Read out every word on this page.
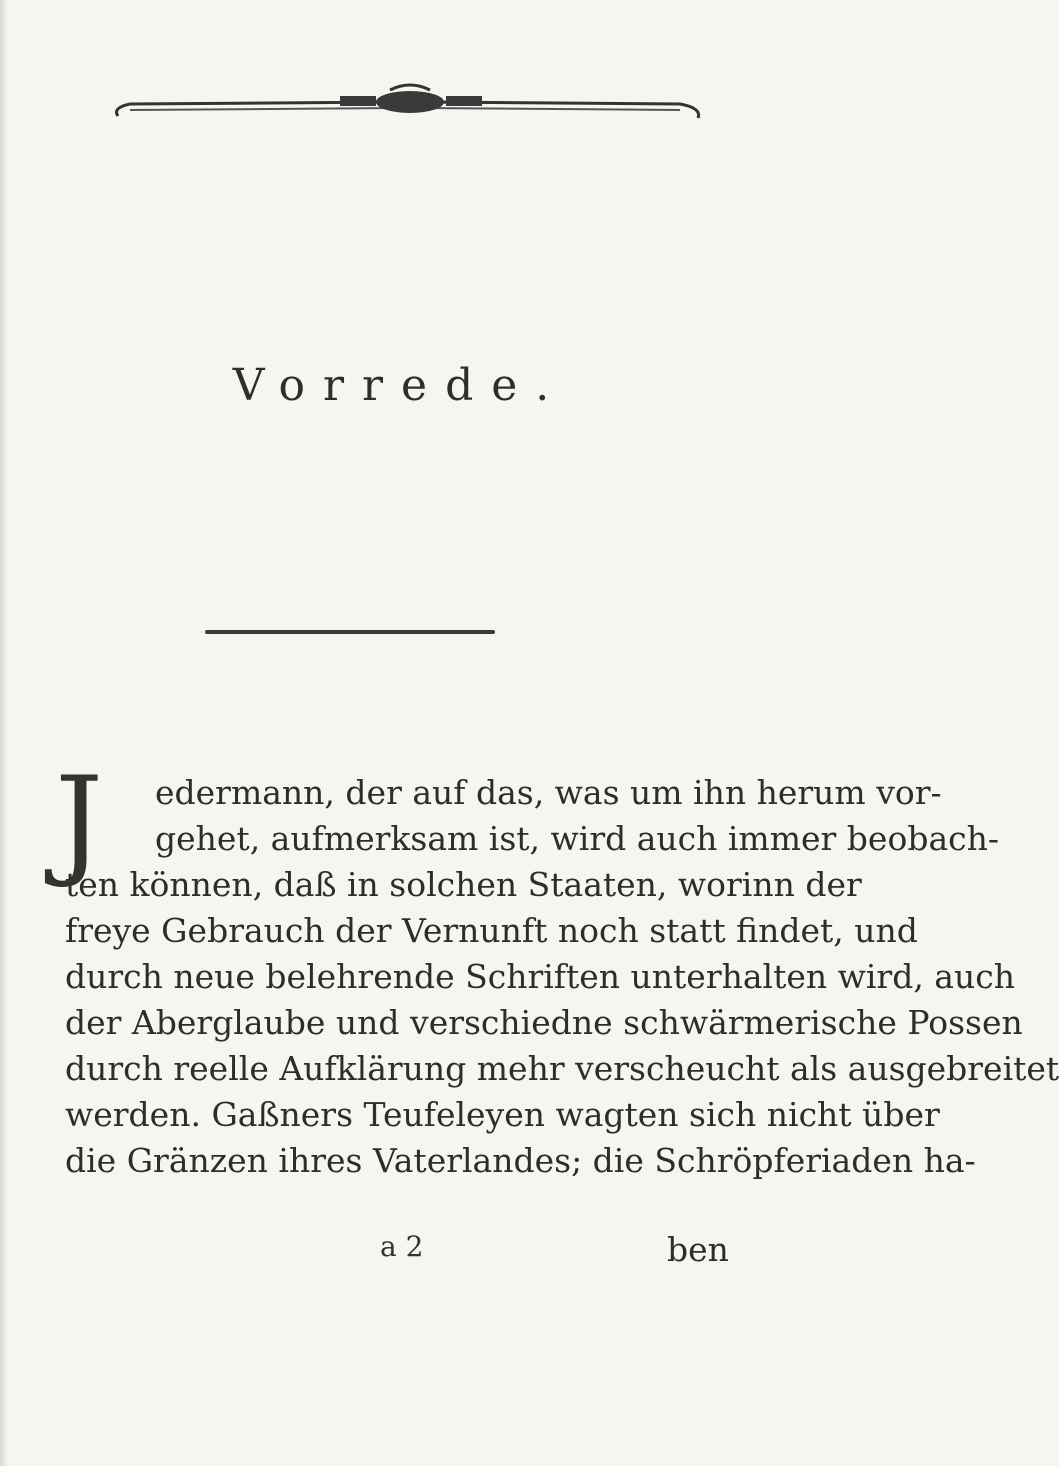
Vorrede.
J	edermann, der auf das, was um ihn herum vor-
gehet, aufmerksam ist, wird auch immer beobach-
ten können, daß in solchen Staaten, worinn der
freye Gebrauch der Vernunft noch statt findet, und
durch neue belehrende Schriften unterhalten wird, auch
der Aberglaube und verschiedne schwärmerische Possen
durch reelle Aufklärung mehr verscheucht als ausgebreitet
werden. Gaßners Teufeleyen wagten sich nicht über
die Gränzen ihres Vaterlandes; die Schröpferiaden ha-
a 2	ben
